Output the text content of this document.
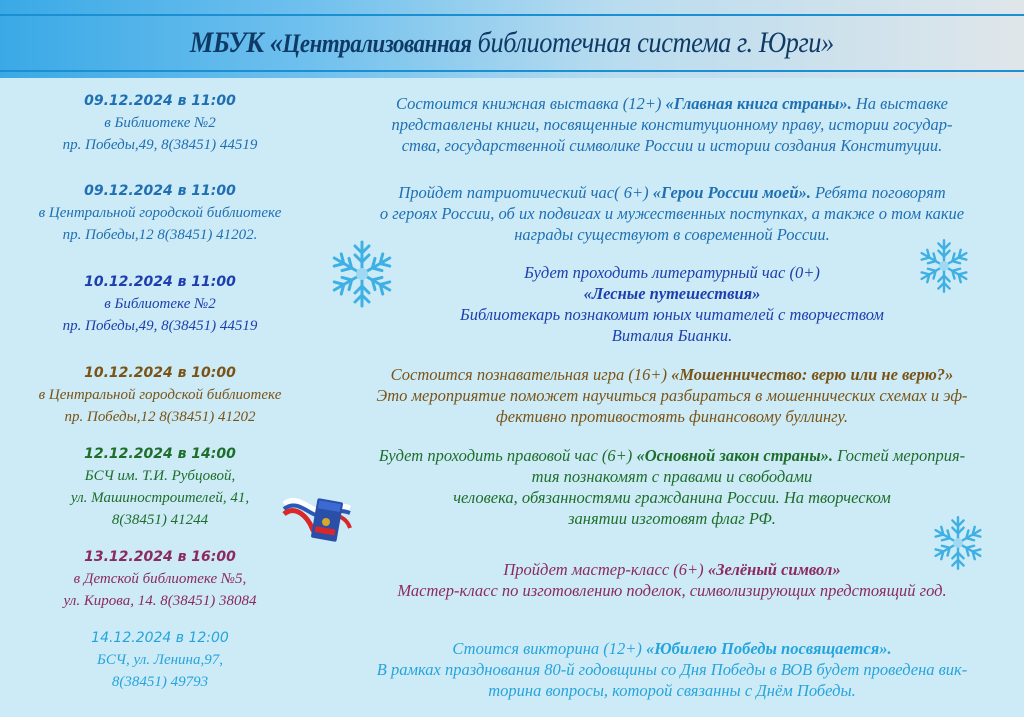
МБУК «Централизованная библиотечная система г. Юрги»
09.12.2024 в 11:00
в Библиотеке №2
пр. Победы,49, 8(38451) 44519
Состоится книжная выставка (12+) «Главная книга страны». На выставке
представлены книги, посвященные конституционному праву, истории государ-
ства, государственной символике России и истории создания Конституции.
09.12.2024 в 11:00
в Центральной городской библиотеке
пр. Победы,12 8(38451) 41202.
Пройдет патриотический час( 6+) «Герои России моей». Ребята поговорят
о героях России, об их подвигах и мужественных поступках, а также о том какие
награды существуют в современной России.
10.12.2024 в 11:00
в Библиотеке №2
пр. Победы,49, 8(38451) 44519
Будет проходить литературный час (0+)
«Лесные путешествия»
Библиотекарь познакомит юных читателей с творчеством
Виталия Бианки.
10.12.2024 в 10:00
в Центральной городской библиотеке
пр. Победы,12 8(38451) 41202
Состоится познавательная игра (16+) «Мошенничество: верю или не верю?»
Это мероприятие поможет научиться разбираться в мошеннических схемах и эф-
фективно противостоять финансовому буллингу.
12.12.2024 в 14:00
БСЧ им. Т.И. Рубцовой,
ул. Машиностроителей, 41,
8(38451) 41244
Будет проходить правовой час (6+) «Основной закон страны». Гостей мероприя-
тия познакомят с правами и свободами
человека, обязанностями гражданина России. На творческом
занятии изготовят флаг РФ.
13.12.2024 в 16:00
в Детской библиотеке №5,
ул. Кирова, 14. 8(38451) 38084
Пройдет мастер-класс (6+) «Зелёный символ»
Мастер-класс по изготовлению поделок, символизирующих предстоящий год.
14.12.2024 в 12:00
БСЧ, ул. Ленина,97,
8(38451) 49793
Стоится викторина (12+) «Юбилею Победы посвящается».
В рамках празднования 80-й годовщины со Дня Победы в ВОВ будет проведена вик-
торина вопросы, которой связанны с Днём Победы.
